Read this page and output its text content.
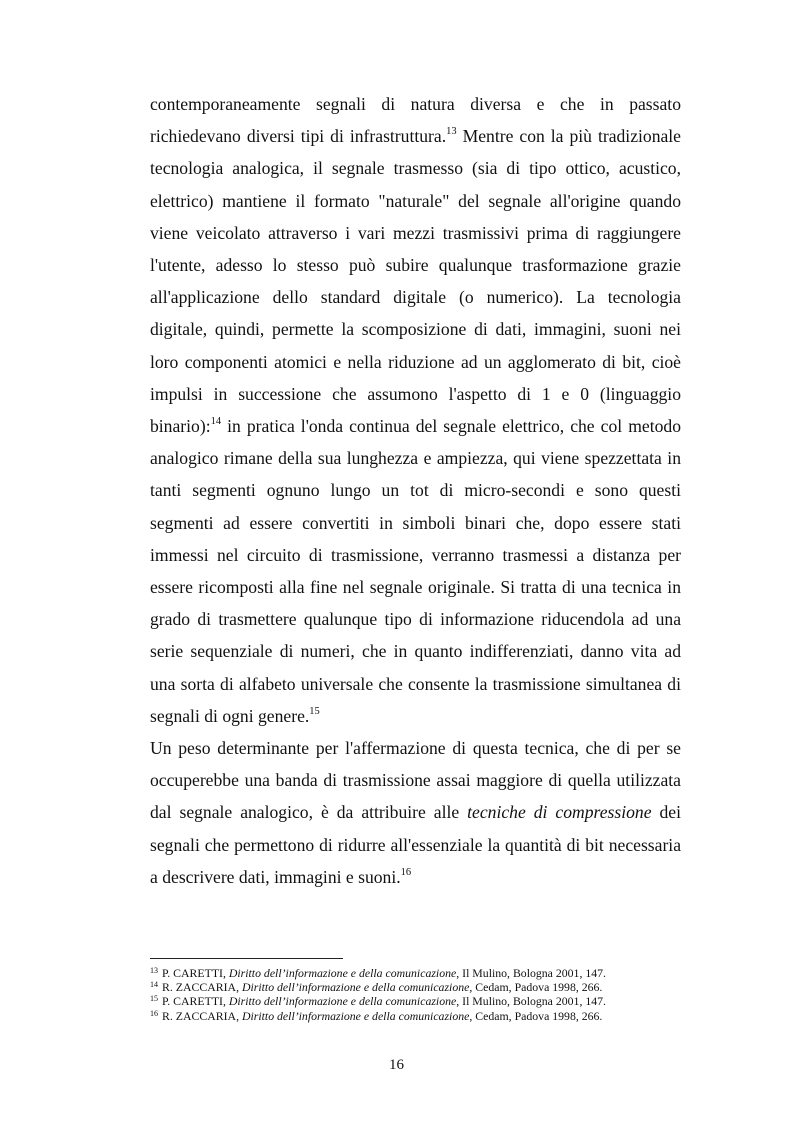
contemporaneamente segnali di natura diversa e che in passato richiedevano diversi tipi di infrastruttura.$^{13}$ Mentre con la più tradizionale tecnologia analogica, il segnale trasmesso (sia di tipo ottico, acustico, elettrico) mantiene il formato "naturale" del segnale all'origine quando viene veicolato attraverso i vari mezzi trasmissivi prima di raggiungere l'utente, adesso lo stesso può subire qualunque trasformazione grazie all'applicazione dello standard digitale (o numerico). La tecnologia digitale, quindi, permette la scomposizione di dati, immagini, suoni nei loro componenti atomici e nella riduzione ad un agglomerato di bit, cioè impulsi in successione che assumono l'aspetto di 1 e 0 (linguaggio binario):$^{14}$ in pratica l'onda continua del segnale elettrico, che col metodo analogico rimane della sua lunghezza e ampiezza, qui viene spezzettata in tanti segmenti ognuno lungo un tot di micro-secondi e sono questi segmenti ad essere convertiti in simboli binari che, dopo essere stati immessi nel circuito di trasmissione, verranno trasmessi a distanza per essere ricomposti alla fine nel segnale originale. Si tratta di una tecnica in grado di trasmettere qualunque tipo di informazione riducendola ad una serie sequenziale di numeri, che in quanto indifferenziati, danno vita ad una sorta di alfabeto universale che consente la trasmissione simultanea di segnali di ogni genere.$^{15}$

Un peso determinante per l'affermazione di questa tecnica, che di per se occuperebbe una banda di trasmissione assai maggiore di quella utilizzata dal segnale analogico, è da attribuire alle tecniche di compressione dei segnali che permettono di ridurre all'essenziale la quantità di bit necessaria a descrivere dati, immagini e suoni.$^{16}$

$^{13}$ P. CARETTI, Diritto dell’informazione e della comunicazione, Il Mulino, Bologna 2001, 147.
$^{14}$ R. ZACCARIA, Diritto dell’informazione e della comunicazione, Cedam, Padova 1998, 266.
$^{15}$ P. CARETTI, Diritto dell’informazione e della comunicazione, Il Mulino, Bologna 2001, 147.
$^{16}$ R. ZACCARIA, Diritto dell’informazione e della comunicazione, Cedam, Padova 1998, 266.
16
